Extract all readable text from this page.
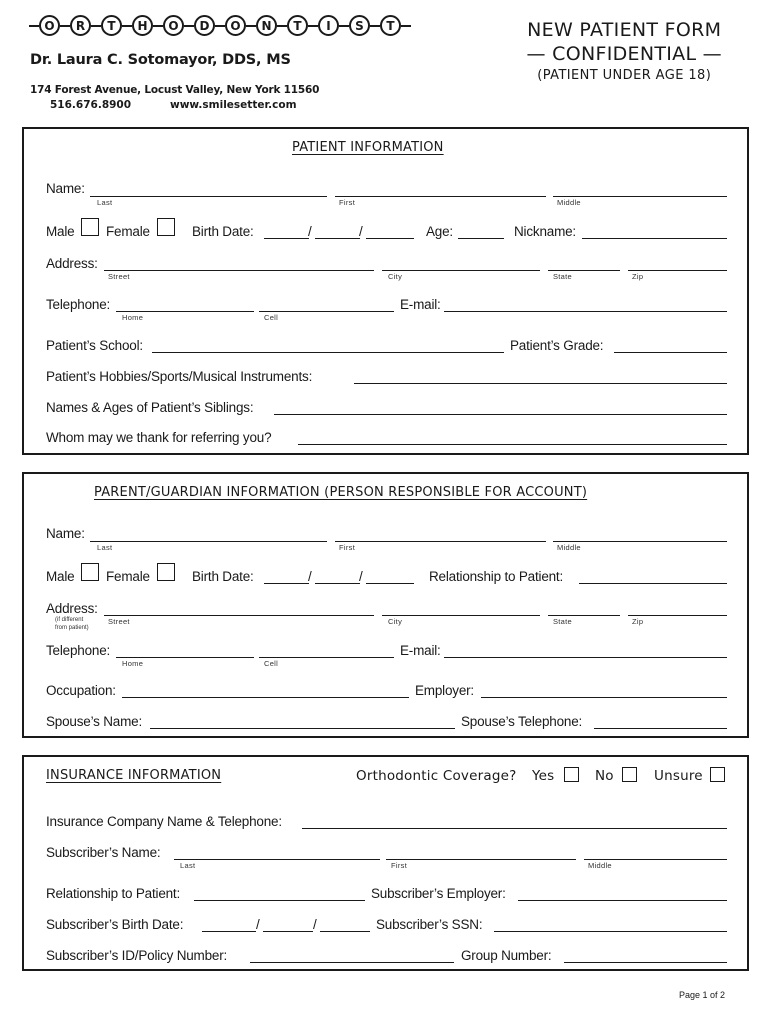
O	R	T	H	O	D	O	N	T	I	S	T
Dr. Laura C. Sotomayor, DDS, MS
174 Forest Avenue, Locust Valley, New York 11560
516.676.8900	www.smilesetter.com
NEW PATIENT FORM
— CONFIDENTIAL —
(PATIENT UNDER AGE 18)
PATIENT INFORMATION
Name:
Last	First	Middle
Male Female	Birth Date:	/	/	Age:	Nickname:
Address:
Street	City	State	Zip
Telephone:
Home	Cell
E-mail:
Patient’s School:	Patient’s Grade:
Patient’s Hobbies/Sports/Musical Instruments:
Names & Ages of Patient’s Siblings:
Whom may we thank for referring you?
PARENT/GUARDIAN INFORMATION (PERSON RESPONSIBLE FOR ACCOUNT)
Name:
Last	First	Middle
Male Female	Birth Date:	/	/	Relationship to Patient:
Address:
(if different
from patient)
Street	City	State	Zip
Telephone:
Home	Cell
E-mail:
Occupation:	Employer:
Spouse’s Name:	Spouse’s Telephone:
INSURANCE INFORMATION	Orthodontic Coverage? Yes	No	Unsure
Insurance Company Name & Telephone:
Subscriber’s Name:
Last	First	Middle
Relationship to Patient:	Subscriber’s Employer:
Subscriber’s Birth Date:	/	/	Subscriber’s SSN:
Subscriber’s ID/Policy Number:	Group Number:
Page 1 of 2
